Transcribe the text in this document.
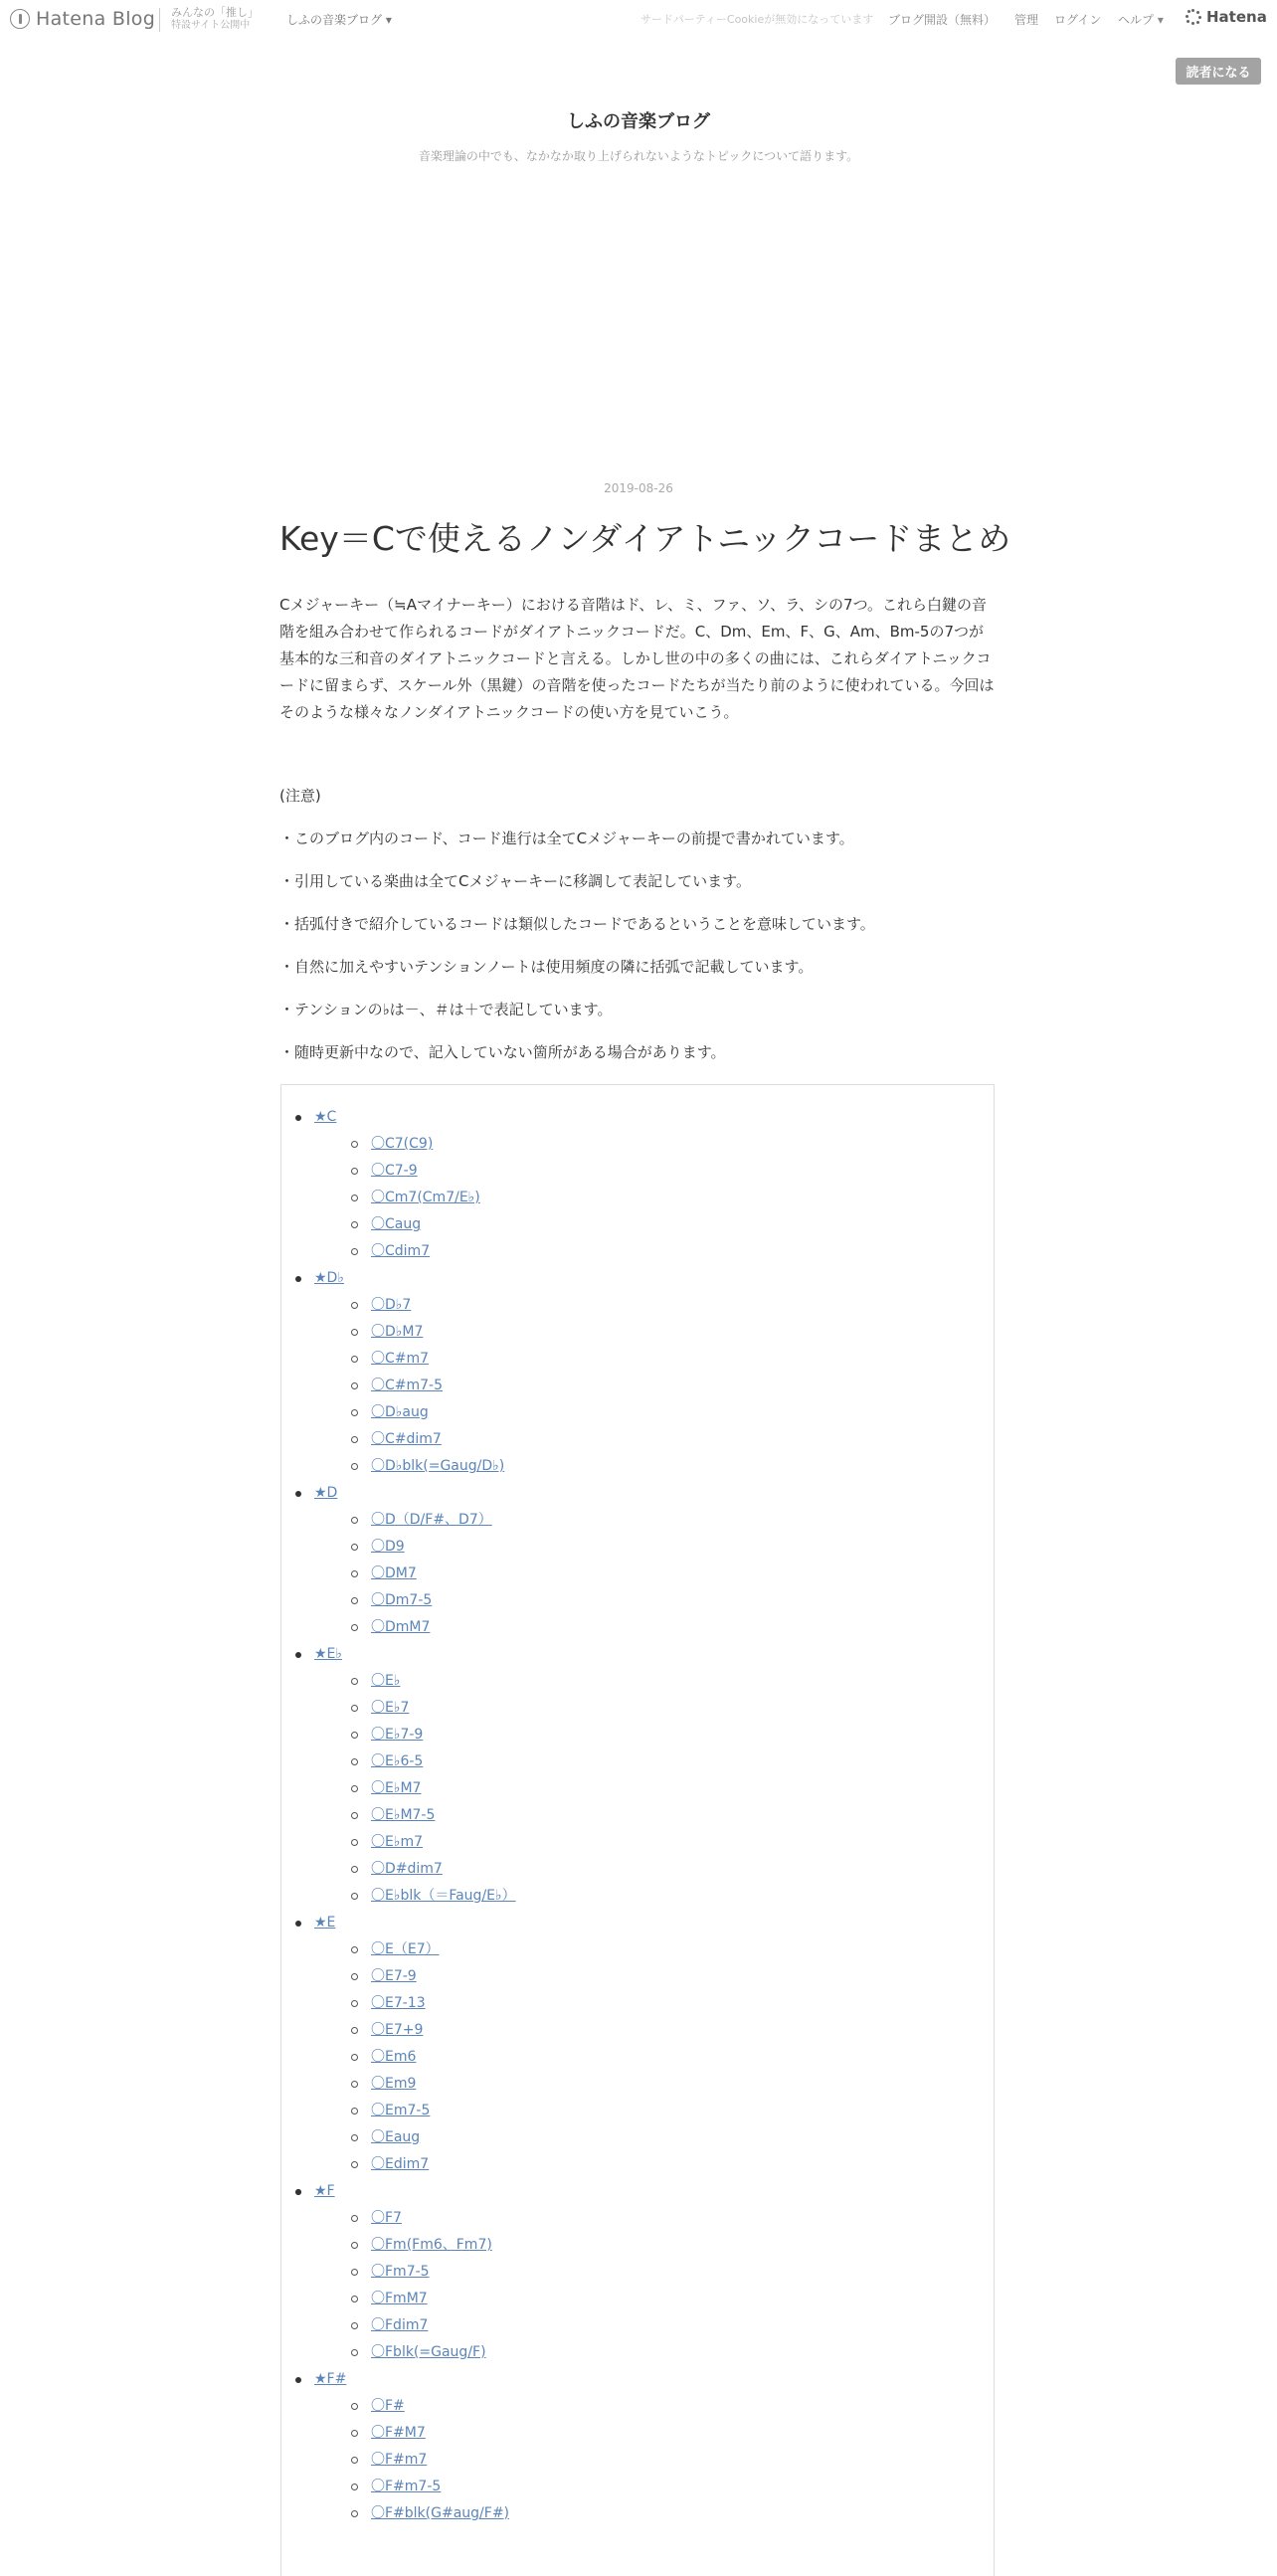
Hatena Blog みんなの「推し」
特設サイト公開中	しふの音楽ブログ ▾	サードパーティーCookieが無効になっています ブログ開設（無料） 管理 ログイン ヘルプ ▾	Hatena
読者になる
しふの音楽ブログ
音楽理論の中でも、なかなか取り上げられないようなトピックについて語ります。
2019-08-26
Key＝Cで使えるノンダイアトニックコードまとめ
Cメジャーキー（≒Aマイナーキー）における音階はド、レ、ミ、ファ、ソ、ラ、シの7つ。これら白鍵の音階を組み合わせて作られるコードがダイアトニックコードだ。C、Dm、Em、F、G、Am、Bm-5の7つが基本的な三和音のダイアトニックコードと言える。しかし世の中の多くの曲には、これらダイアトニックコードに留まらず、スケール外（黒鍵）の音階を使ったコードたちが当たり前のように使われている。今回はそのような様々なノンダイアトニックコードの使い方を見ていこう。

(注意)

・このブログ内のコード、コード進行は全てCメジャーキーの前提で書かれています。

・引用している楽曲は全てCメジャーキーに移調して表記しています。

・括弧付きで紹介しているコードは類似したコードであるということを意味しています。

・自然に加えやすいテンションノートは使用頻度の隣に括弧で記載しています。

・テンションの♭は－、＃は＋で表記しています。

・随時更新中なので、記入していない箇所がある場合があります。

★C
〇C7(C9)
〇C7-9
〇Cm7(Cm7/E♭)
〇Caug
〇Cdim7
★D♭
〇D♭7
〇D♭M7
〇C#m7
〇C#m7-5
〇D♭aug
〇C#dim7
〇D♭blk(=Gaug/D♭)
★D
〇D（D/F#、D7）
〇D9
〇DM7
〇Dm7-5
〇DmM7
★E♭
〇E♭
〇E♭7
〇E♭7-9
〇E♭6-5
〇E♭M7
〇E♭M7-5
〇E♭m7
〇D#dim7
〇E♭blk（＝Faug/E♭）
★E
〇E（E7）
〇E7-9
〇E7-13
〇E7+9
〇Em6
〇Em9
〇Em7-5
〇Eaug
〇Edim7
★F
〇F7
〇Fm(Fm6、Fm7)
〇Fm7-5
〇FmM7
〇Fdim7
〇Fblk(=Gaug/F)
★F#
〇F#
〇F#M7
〇F#m7
〇F#m7-5
〇F#blk(G#aug/F#)
